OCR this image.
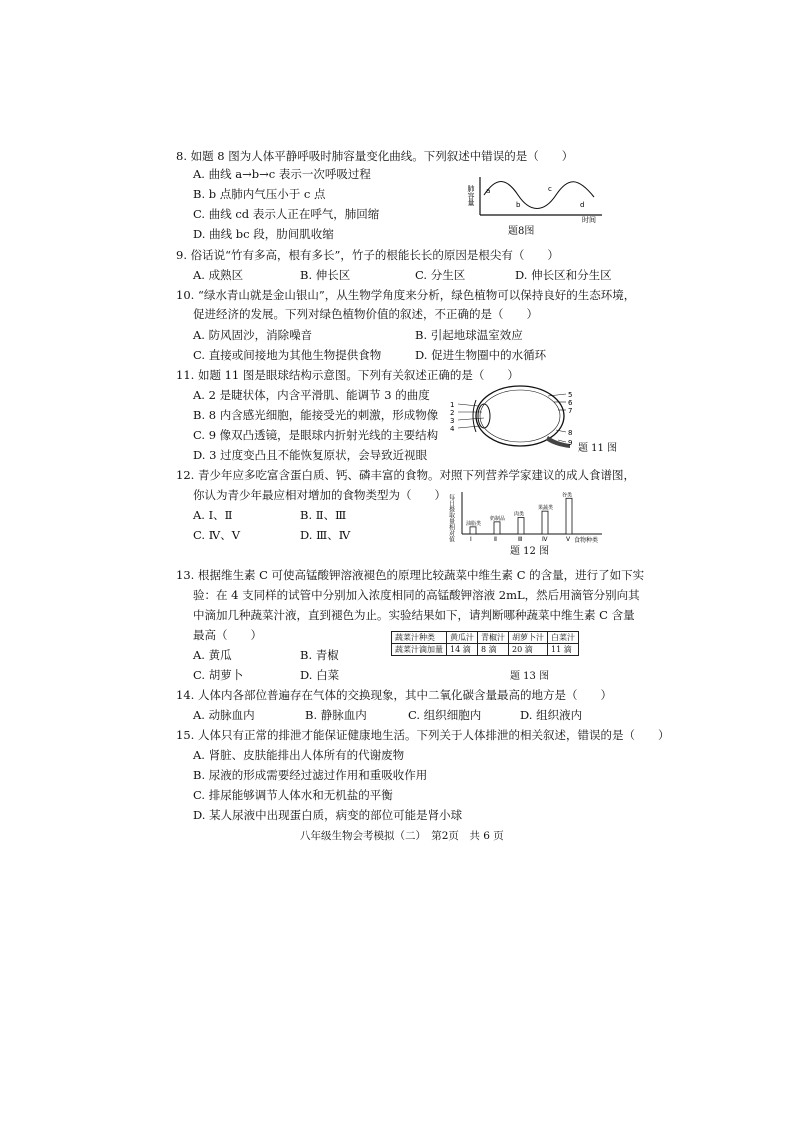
8. 如题 8 图为人体平静呼吸时肺容量变化曲线。下列叙述中错误的是（　　）
A. 曲线 a→b→c 表示一次呼吸过程
B. b 点肺内气压小于 c 点
C. 曲线 cd 表示人正在呼气，肺回缩
D. 曲线 bc 段，肋间肌收缩
肺容量 a
b
c
d
时间
题8图
9. 俗话说“竹有多高，根有多长”，竹子的根能长长的原因是根尖有（　　）
A. 成熟区	B. 伸长区	C. 分生区	D. 伸长区和分生区
10. “绿水青山就是金山银山”，从生物学角度来分析，绿色植物可以保持良好的生态环境，
促进经济的发展。下列对绿色植物价值的叙述，不正确的是（　　）
A. 防风固沙，消除噪音	B. 引起地球温室效应
C. 直接或间接地为其他生物提供食物	D. 促进生物圈中的水循环
11. 如题 11 图是眼球结构示意图。下列有关叙述正确的是（　　）
A. 2 是睫状体，内含平滑肌、能调节 3 的曲度
B. 8 内含感光细胞，能接受光的刺激，形成物像
C. 9 像双凸透镜，是眼球内折射光线的主要结构
D. 3 过度变凸且不能恢复原状，会导致近视眼
1
2
3
4
5
6
7
8
9 题 11 图
12. 青少年应多吃富含蛋白质、钙、磷丰富的食物。对照下列营养学家建议的成人食谱图，
你认为青少年最应相对增加的食物类型为（　　）
A. Ⅰ、Ⅱ	B. Ⅱ、Ⅲ
C. Ⅳ、Ⅴ	D. Ⅲ、Ⅳ	每日摄取量相对值 油脂类
Ⅰ
奶制品
Ⅱ
肉类
Ⅲ
果蔬类
Ⅳ
谷类
Ⅴ 食物种类
题 12 图
13. 根据维生素 C 可使高锰酸钾溶液褪色的原理比较蔬菜中维生素 C 的含量，进行了如下实
验：在 4 支同样的试管中分别加入浓度相同的高锰酸钾溶液 2mL，然后用滴管分别向其
中滴加几种蔬菜汁液，直到褪色为止。实验结果如下，请判断哪种蔬菜中维生素 C 含量
最高（　　）
A. 黄瓜	B. 青椒
C. 胡萝卜	D. 白菜
蔬菜汁种类	黄瓜汁	青椒汁	胡萝卜汁	白菜汁
蔬菜汁滴加量	14 滴	8 滴	20 滴	11 滴
题 13 图
14. 人体内各部位普遍存在气体的交换现象，其中二氧化碳含量最高的地方是（　　）
A. 动脉血内	B. 静脉血内	C. 组织细胞内	D. 组织液内
15. 人体只有正常的排泄才能保证健康地生活。下列关于人体排泄的相关叙述，错误的是（　　）
A. 肾脏、皮肤能排出人体所有的代谢废物
B. 尿液的形成需要经过滤过作用和重吸收作用
C. 排尿能够调节人体水和无机盐的平衡
D. 某人尿液中出现蛋白质，病变的部位可能是肾小球
八年级生物会考模拟（二）　第2页　共 6 页
